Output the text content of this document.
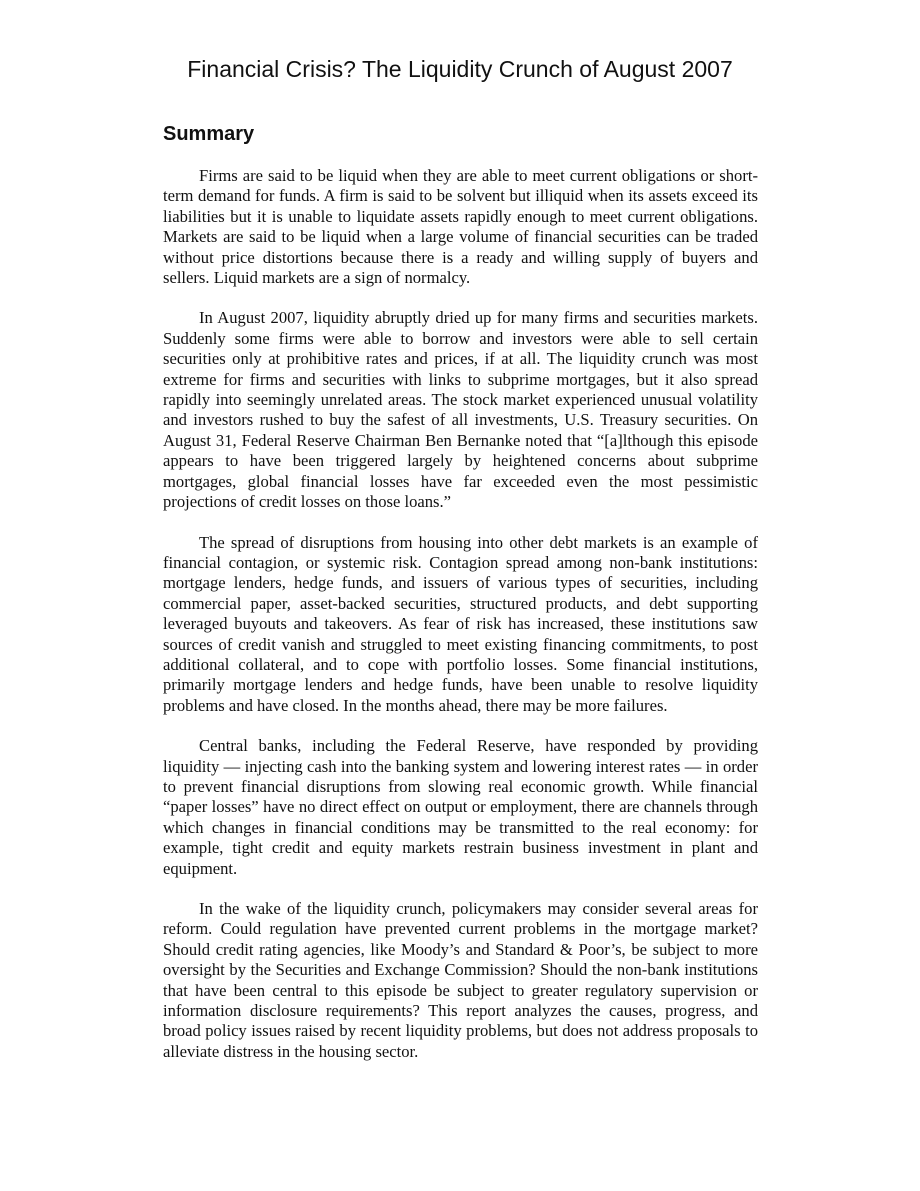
Financial Crisis? The Liquidity Crunch of August 2007
Summary

Firms are said to be liquid when they are able to meet current obligations or short-term demand for funds. A firm is said to be solvent but illiquid when its assets exceed its liabilities but it is unable to liquidate assets rapidly enough to meet current obligations. Markets are said to be liquid when a large volume of financial securities can be traded without price distortions because there is a ready and willing supply of buyers and sellers. Liquid markets are a sign of normalcy.

In August 2007, liquidity abruptly dried up for many firms and securities markets. Suddenly some firms were able to borrow and investors were able to sell certain securities only at prohibitive rates and prices, if at all. The liquidity crunch was most extreme for firms and securities with links to subprime mortgages, but it also spread rapidly into seemingly unrelated areas. The stock market experienced unusual volatility and investors rushed to buy the safest of all investments, U.S. Treasury securities. On August 31, Federal Reserve Chairman Ben Bernanke noted that “[a]lthough this episode appears to have been triggered largely by heightened concerns about subprime mortgages, global financial losses have far exceeded even the most pessimistic projections of credit losses on those loans.”

The spread of disruptions from housing into other debt markets is an example of financial contagion, or systemic risk. Contagion spread among non-bank institutions: mortgage lenders, hedge funds, and issuers of various types of securities, including commercial paper, asset-backed securities, structured products, and debt supporting leveraged buyouts and takeovers. As fear of risk has increased, these institutions saw sources of credit vanish and struggled to meet existing financing commitments, to post additional collateral, and to cope with portfolio losses. Some financial institutions, primarily mortgage lenders and hedge funds, have been unable to resolve liquidity problems and have closed. In the months ahead, there may be more failures.

Central banks, including the Federal Reserve, have responded by providing liquidity — injecting cash into the banking system and lowering interest rates — in order to prevent financial disruptions from slowing real economic growth. While financial “paper losses” have no direct effect on output or employment, there are channels through which changes in financial conditions may be transmitted to the real economy: for example, tight credit and equity markets restrain business investment in plant and equipment.

In the wake of the liquidity crunch, policymakers may consider several areas for reform. Could regulation have prevented current problems in the mortgage market? Should credit rating agencies, like Moody’s and Standard & Poor’s, be subject to more oversight by the Securities and Exchange Commission? Should the non-bank institutions that have been central to this episode be subject to greater regulatory supervision or information disclosure requirements? This report analyzes the causes, progress, and broad policy issues raised by recent liquidity problems, but does not address proposals to alleviate distress in the housing sector.
